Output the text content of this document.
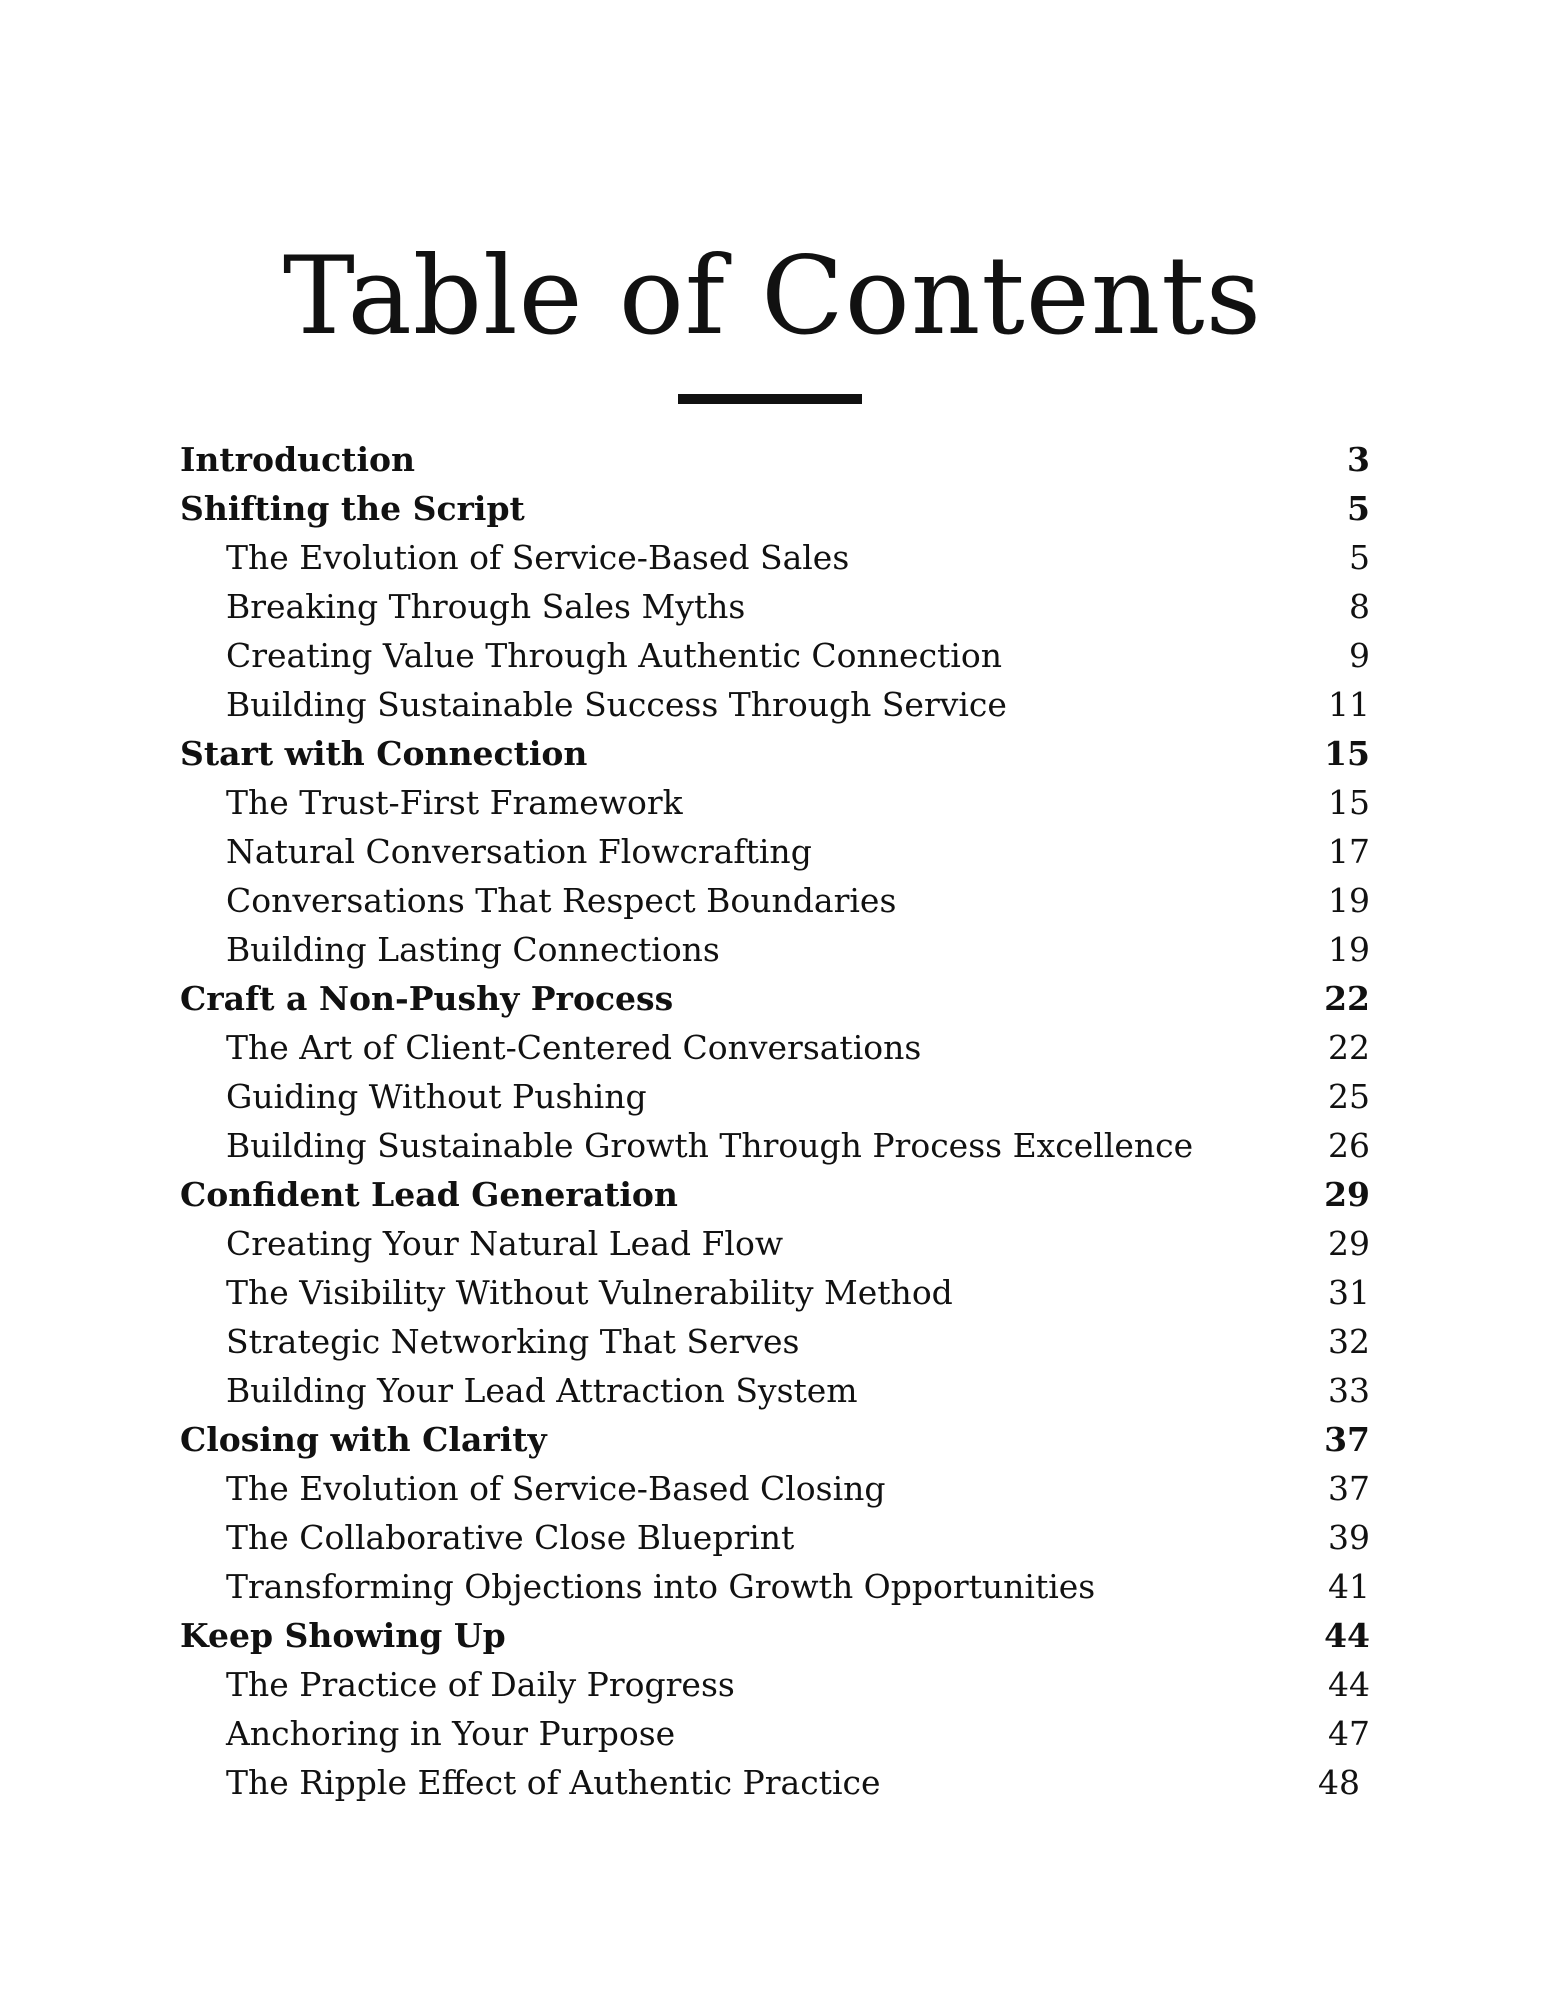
Table of Contents
Introduction	3
Shifting the Script	5
The Evolution of Service-Based Sales	5
Breaking Through Sales Myths	8
Creating Value Through Authentic Connection	9
Building Sustainable Success Through Service	11
Start with Connection	15
The Trust-First Framework	15
Natural Conversation Flowcrafting	17
Conversations That Respect Boundaries	19
Building Lasting Connections	19
Craft a Non-Pushy Process	22
The Art of Client-Centered Conversations	22
Guiding Without Pushing	25
Building Sustainable Growth Through Process Excellence	26
Confident Lead Generation	29
Creating Your Natural Lead Flow	29
The Visibility Without Vulnerability Method	31
Strategic Networking That Serves	32
Building Your Lead Attraction System	33
Closing with Clarity	37
The Evolution of Service-Based Closing	37
The Collaborative Close Blueprint	39
Transforming Objections into Growth Opportunities	41
Keep Showing Up	44
The Practice of Daily Progress	44
Anchoring in Your Purpose	47
The Ripple Effect of Authentic Practice	48
